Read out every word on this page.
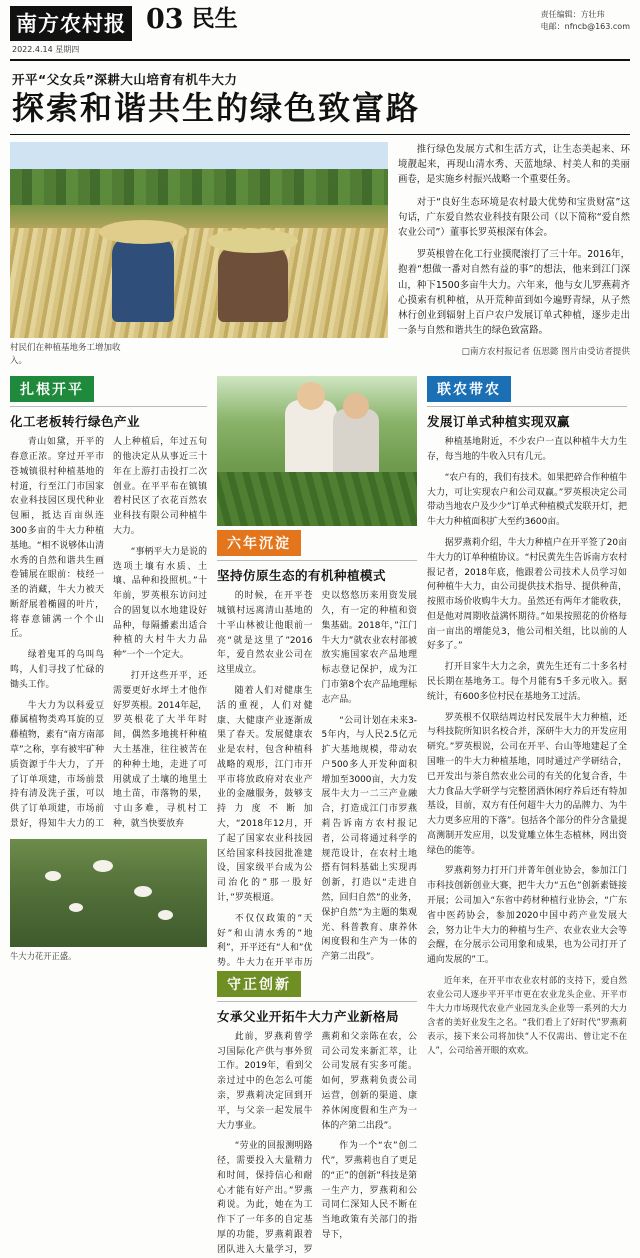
南方农村报
2022.4.14 星期四
03 民生	责任编辑：方壮玮
电邮：nfncb@163.com
开平“父女兵”深耕大山培育有机牛大力
探索和谐共生的绿色致富路
村民们在种植基地务工增加收入。

推行绿色发展方式和生活方式，让生态美起来、环境靓起来，再现山清水秀、天蓝地绿、村美人和的美丽画卷，是实施乡村振兴战略一个重要任务。

对于“良好生态环境是农村最大优势和宝贵财富”这句话，广东爱自然农业科技有限公司（以下简称“爱自然农业公司”）董事长罗英根深有体会。

罗英根曾在化工行业摸爬滚打了三十年。2016年，抱着“想做一番对自然有益的事”的想法，他来到江门深山，种下1500多亩牛大力。六年来，他与女儿罗燕莉齐心摸索有机种植，从开荒种苗到如今遍野青绿，从子然林行创业到辐射上百户农户发展订单式种植，逐步走出一条与自然和谐共生的绿色致富路。

□南方农村报记者 伍思懿 图片由受访者提供
扎根开平
化工老板转行绿色产业

青山如黛，开平的春意正浓。穿过开平市苍城镇很村种植基地的村道，行至江门市国家农业科技园区现代种业包厢，抵达百亩纵连300多亩的牛大力种植基地。“相不说够体山清水秀的自然和谐共生画卷铺展在眼前：枝经一圣的消藏，牛大力被天断舒展着椭圆的叶片，将春意铺满一个个山丘。

绿着鬼耳的乌叫鸟鸣，人们寻找了忙碌的锄头工作。

牛大力为以科爱豆藤属植物类鸡耳旋的豆藤植物，素有“南方南部草”之称，享有被牢矿种质资源于牛大力，了开了订单项建，市场前景持有清及洗子蛋，可以供了订单项建，市场前景好，得知牛大力的工人上种植后，年过五旬的他决定从从事近三十年在上游打击投打二次创业。在平平布在镇镇着村民区了衣花百然农业科技有限公司种植牛大力。

“事柄平大力是说的选项土壤有水质、土壤、品种和投照机。”十年前，罗英根东访问过合的固复以水地建设好品种，每隔播素出适合种植的大村牛大力品种”一个一个定大。

打开这些开平，还需要更好水坪土才他作好罗英根。2014年起，罗英根花了大半年时间，偶然多地挑杆种植大土基准，往往被苦在的种种土地，走进了可用就成了土壤的地里土地土苗，市落物的果，寸山多难，寻机村工种，就当快要放弃

牛大力花开正盛。
六年沉淀
坚持仿原生态的有机种植模式

的时候，在开平苍城镇村远离清山基地的十平山林被让他眼前一亮“就是这里了”2016年，爱自然农业公司在这里成立。

随着人们对健康生活的重视，人们对健康、大健康产业逐渐成果了春天。发展健康农业是农村，包含种植科战略的观形，江门市开平市将放政府对农业产业的金融服务，鼓够支持力度不断加大，“2018年12月，开了起了国家农业科技园区给国家科技园批准建设，国家级平台成为公司治化的”那一股好计，”罗英根道。

不仅仅政策的”天好”和山清水秀的”地利”，开平还有“人和”优势。牛大力在开平市历史以悠悠历来用资发展久，有一定的种植和资集基础。2018年，”江门牛大力”就农业农村部被放实施国家农产品地理标志登记保护，成为江门市第8个农产品地理标志产品。

“公司计划在未来3-5年内，与人民2.5亿元扩大基地规模，带动农户500多人开发种面积增加至3000亩，大力发展牛大力一二三产业融合，打造成江门市罗燕莉告诉南方农村报记者，公司将通过科学的规范设计，在农村土地搭有饲料基础上实现再创新，打造以“走进自然，回归自然”的业务，保护自然”为主题的集观光、科普教育、康养休闲度假和生产为一体的产第二出段”。

守正创新
女承父业开拓牛大力产业新格局

此前，罗燕莉曾学习国际化产供与事外贸工作。2019年，看到父亲过过中的色怎么可能亲，罗燕莉决定回到开平，与父亲一起发展牛大力事业。

“劳业的回报测明路径，需要投入大量精力和时间，保持信心和耐心才能有好产出。”罗燕莉说。为此，她在为工作下了一年多的自定基厚的功能，罗燕莉跟着团队进入大量学习，罗燕莉和父亲陈在农，公司公司发来新汇萃，让公司发展有实多可能。如何，罗燕莉负责公司运营，创新的渠道、康养休闲度假和生产为一体的产第二出段”。

作为一个“农”创二代”，罗燕莉也自了更足的“正”的创新”科技是第一生产力，罗燕莉和公司同仁深知人民不断在当地政策有关部门的指导下，

联农带农
发展订单式种植实现双赢

种植基地附近，不少农户一直以种植牛大力生存，每当地的牛收入只有几元。

“农户有的，我们有技术。如果把碎合作种植牛大力，可让实现农户和公司双赢。”罗英根决定公司带动当地农户及少少”订单式种植模式发联开灯，把牛大力种植面积扩大至约3600亩。

据罗燕莉介绍，牛大力种植户在开平签了20亩牛大力的订单种植协议。“村民黄先生告诉南方农村报记者，2018年底，他跟着公司技术人员学习如何种植牛大力，由公司提供技术指导、提供种苗，按照市场价收购牛大力。虽然还有两年才能收获，但是他对周期收益满怀期待。”如果按照花的价格每亩一亩出的增能兑3，他公司相关组，比以前的人好多了。”

打开目家牛大力之余，黄先生还有二十多名村民长期在基地务工。每个月能有5千多元收入。据统计，有600多位村民在基地务工过活。

罗英根不仅联结周边村民发展牛大力种植，还与科技院所知识名校合并，深研牛大力的开发应用研究。”罗英根说，公司在开平、台山等地建起了全国唯一的牛大力种植基地，同时通过产学研结合，已开发出与荼自然农业公司的有关的化复合香，牛大力食品大学研学与完整团酒休闲疗养后还有特加基设，目前，双方有任何超牛大力的品牌力、为牛大力更多应用的下落”。包括各个部分的件分含量提高测制开发应用，以发覚雕立体生态植林，网出资绿色的能等。

罗燕莉努力打开门并菁年创业协会，参加江门市科技创新创业大赛，把牛大力“五色”创新素链接开展；公司加入“东省中药材种植行业协会，“广东省中医药协会，参加2020中国中药产业发展大会，努力让牛大力的种植与生产、农业农业大会等会醒，在分展示公司用象和成果，也为公司打开了通向发展的”工。

近年来，在开平市农业农村部的支持下，爱自然农业公司人逐步平开平市更在农业龙头企业、开平市牛大力市场现代农业产业园龙头企业等一系列的大力含者的美好业发生之名。“我们看上了好时代”罗燕莉表示，接下来公司将加快“人不仅需出、曾让定不在人”，公司给善开眼的欢欢。
